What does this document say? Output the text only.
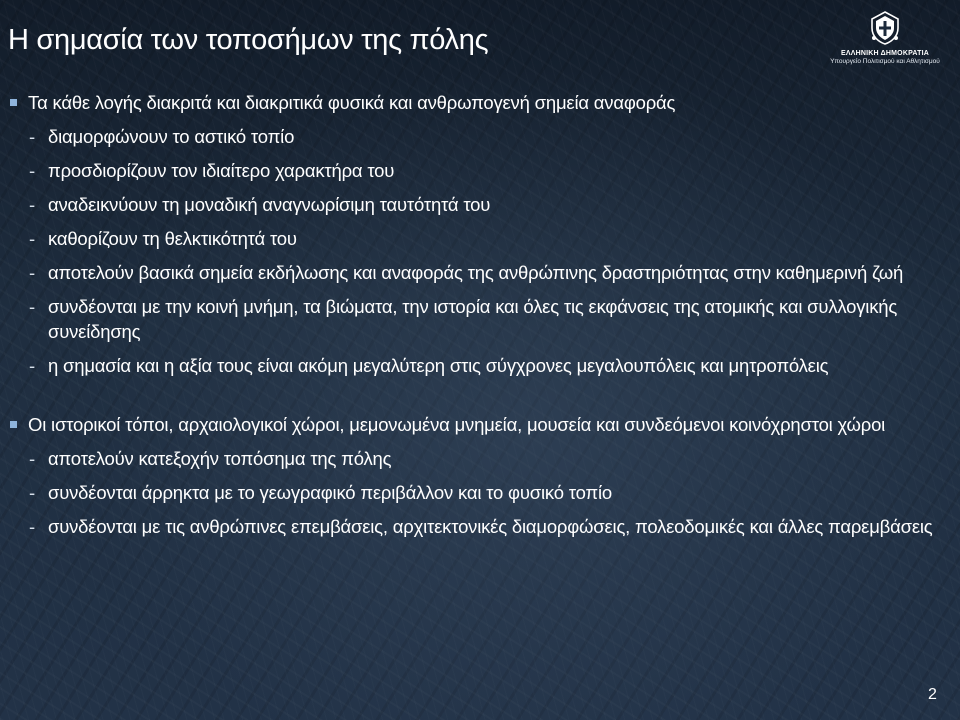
Η σημασία των τοποσήμων της πόλης	ΕΛΛΗΝΙΚΗ ΔΗΜΟΚΡΑΤΙΑ
Υπουργείο Πολιτισμού και Αθλητισμού
Τα κάθε λογής διακριτά και διακριτικά φυσικά και ανθρωπογενή σημεία αναφοράς
- διαμορφώνουν το αστικό τοπίο
- προσδιορίζουν τον ιδιαίτερο χαρακτήρα του
- αναδεικνύουν τη μοναδική αναγνωρίσιμη ταυτότητά του
- καθορίζουν τη θελκτικότητά του
- αποτελούν βασικά σημεία εκδήλωσης και αναφοράς της ανθρώπινης δραστηριότητας στην καθημερινή ζωή
- συνδέονται με την κοινή μνήμη, τα βιώματα, την ιστορία και όλες τις εκφάνσεις της ατομικής και συλλογικής συνείδησης
- η σημασία και η αξία τους είναι ακόμη μεγαλύτερη στις σύγχρονες μεγαλουπόλεις και μητροπόλεις
Οι ιστορικοί τόποι, αρχαιολογικοί χώροι, μεμονωμένα μνημεία, μουσεία και συνδεόμενοι κοινόχρηστοι χώροι
- αποτελούν κατεξοχήν τοπόσημα της πόλης
- συνδέονται άρρηκτα με το γεωγραφικό περιβάλλον και το φυσικό τοπίο
- συνδέονται με τις ανθρώπινες επεμβάσεις, αρχιτεκτονικές διαμορφώσεις, πολεοδομικές και άλλες παρεμβάσεις
2
